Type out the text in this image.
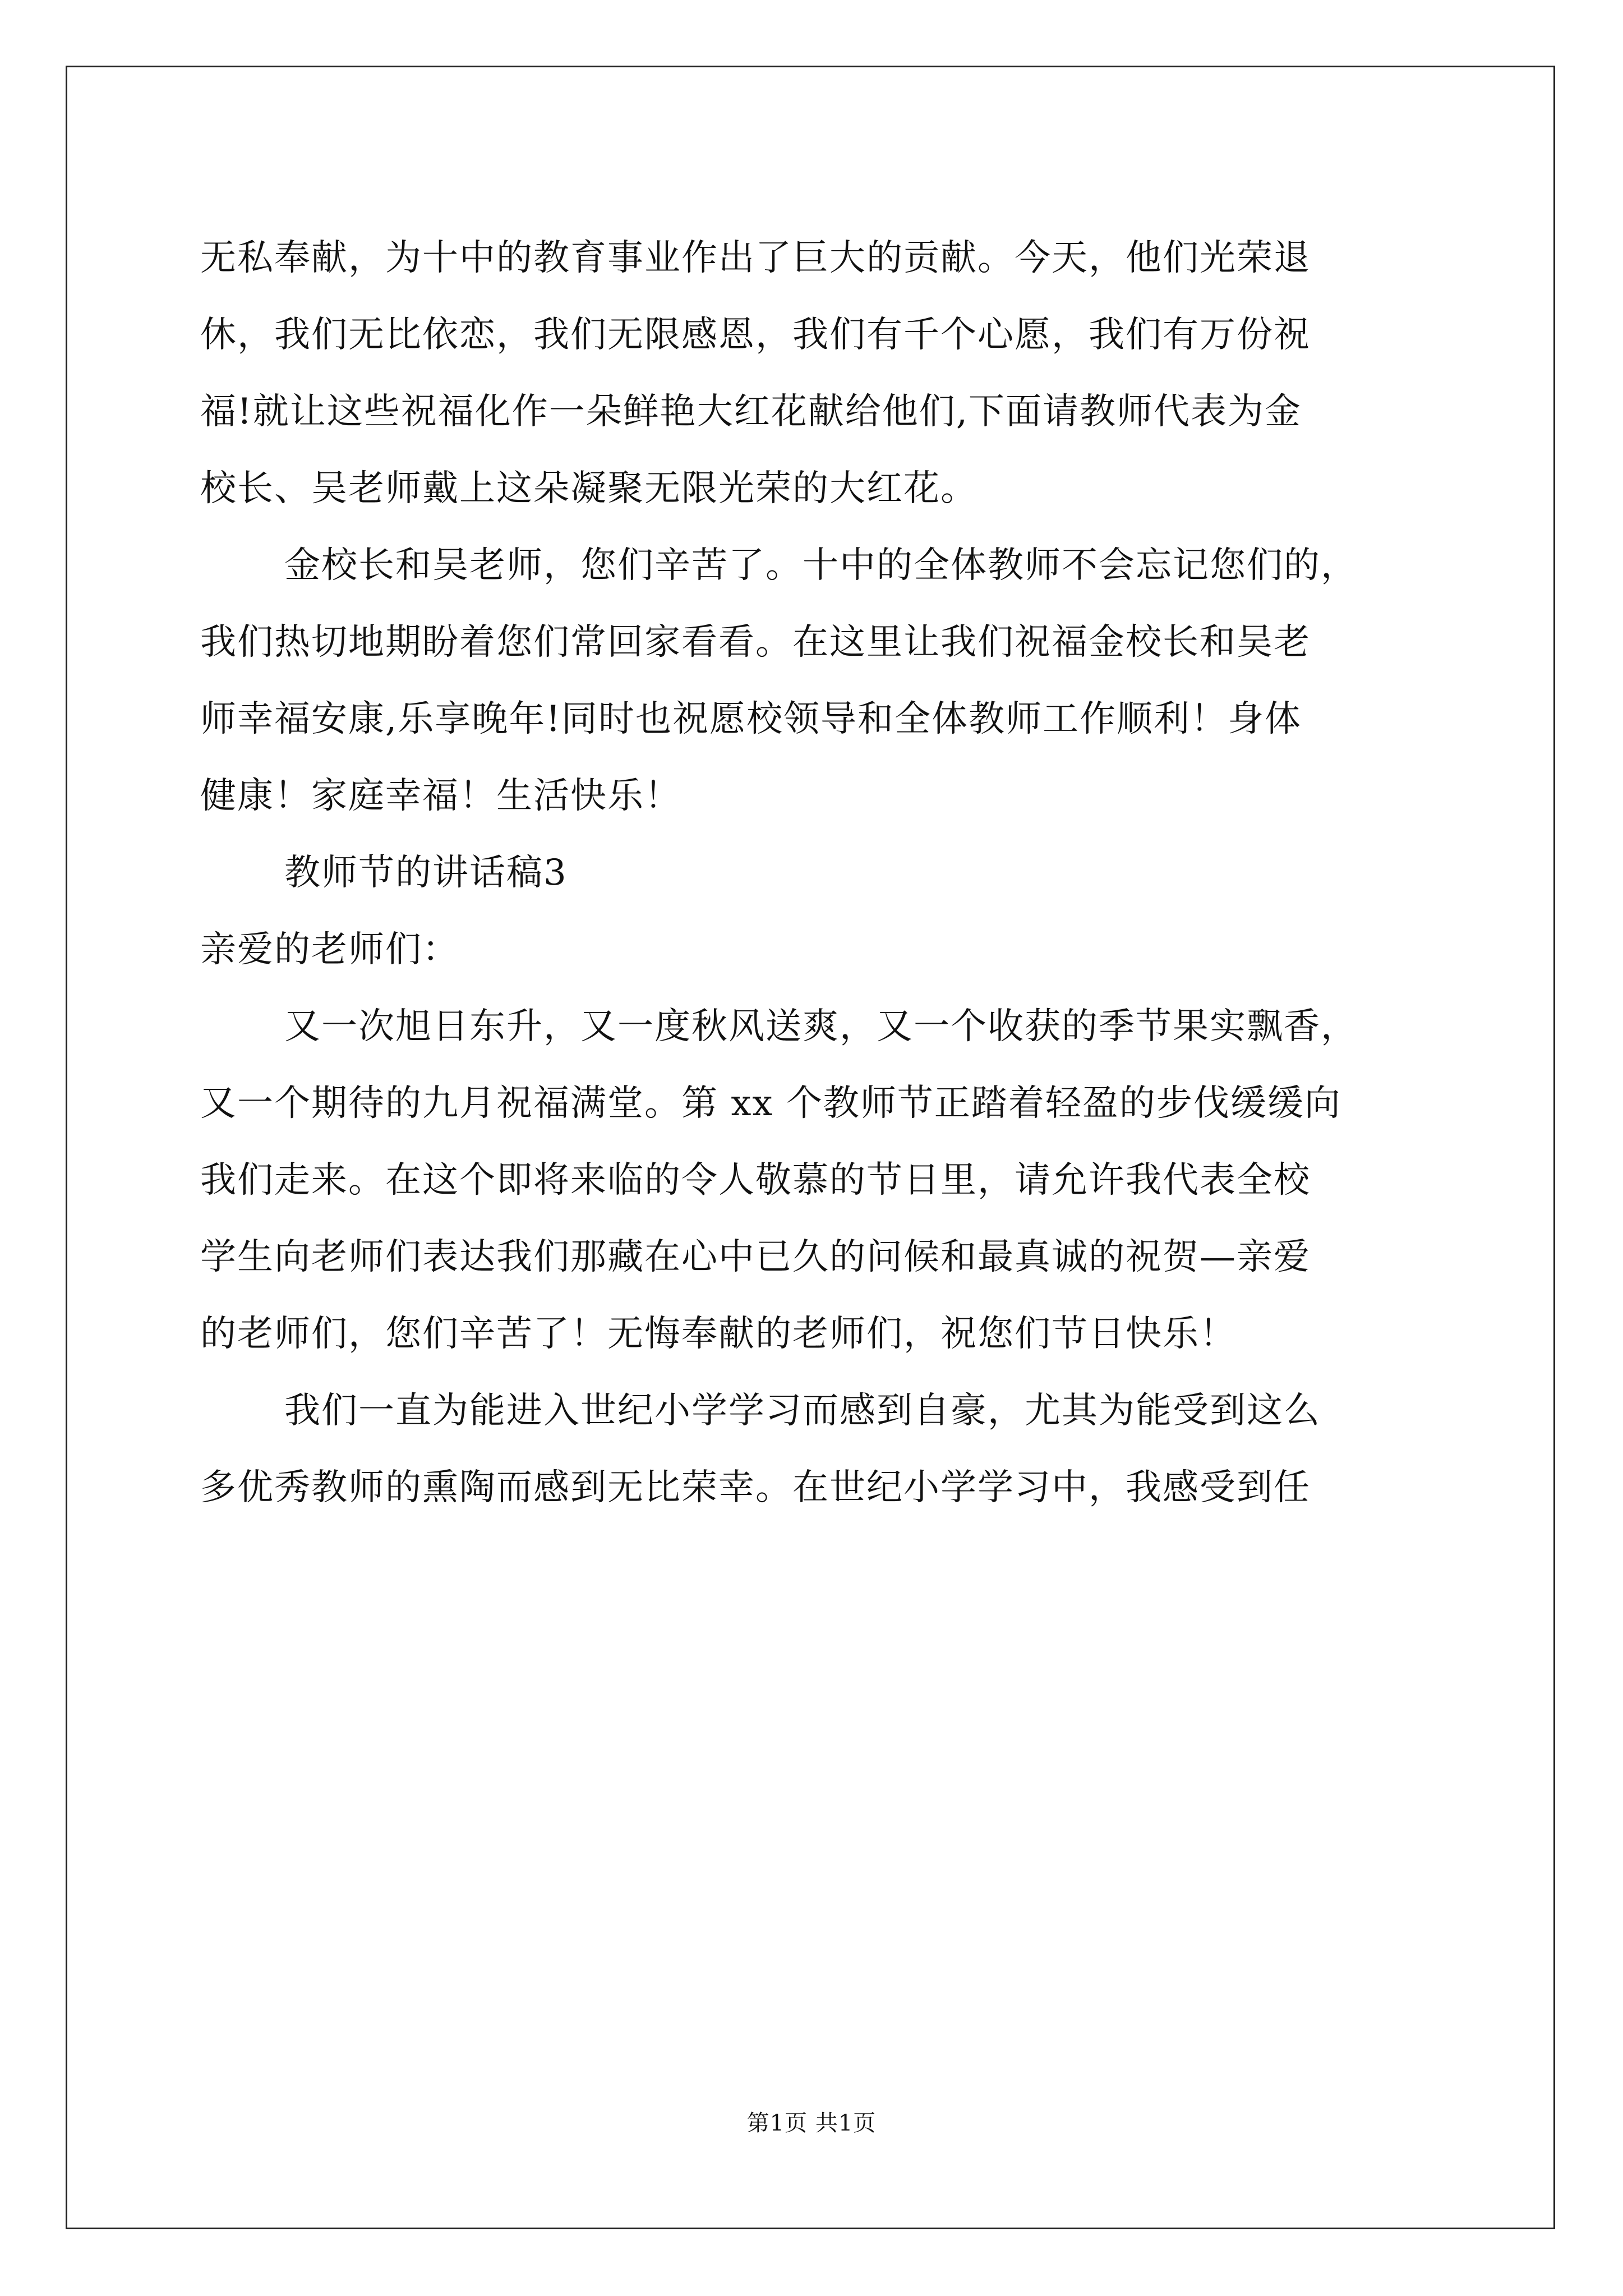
无私奉献，为十中的教育事业作出了巨大的贡献。今天，他们光荣退
休，我们无比依恋，我们无限感恩，我们有千个心愿，我们有万份祝
福!就让这些祝福化作一朵鲜艳大红花献给他们,下面请教师代表为金
校长、吴老师戴上这朵凝聚无限光荣的大红花。
金校长和吴老师，您们辛苦了。十中的全体教师不会忘记您们的，
我们热切地期盼着您们常回家看看。在这里让我们祝福金校长和吴老
师幸福安康,乐享晚年!同时也祝愿校领导和全体教师工作顺利！身体
健康！家庭幸福！生活快乐！
教师节的讲话稿3
亲爱的老师们：
又一次旭日东升，又一度秋风送爽，又一个收获的季节果实飘香，
又一个期待的九月祝福满堂。第 xx 个教师节正踏着轻盈的步伐缓缓向
我们走来。在这个即将来临的令人敬慕的节日里，请允许我代表全校
学生向老师们表达我们那藏在心中已久的问候和最真诚的祝贺—亲爱
的老师们，您们辛苦了！无悔奉献的老师们，祝您们节日快乐！
我们一直为能进入世纪小学学习而感到自豪，尤其为能受到这么
多优秀教师的熏陶而感到无比荣幸。在世纪小学学习中，我感受到任
第1页 共1页
